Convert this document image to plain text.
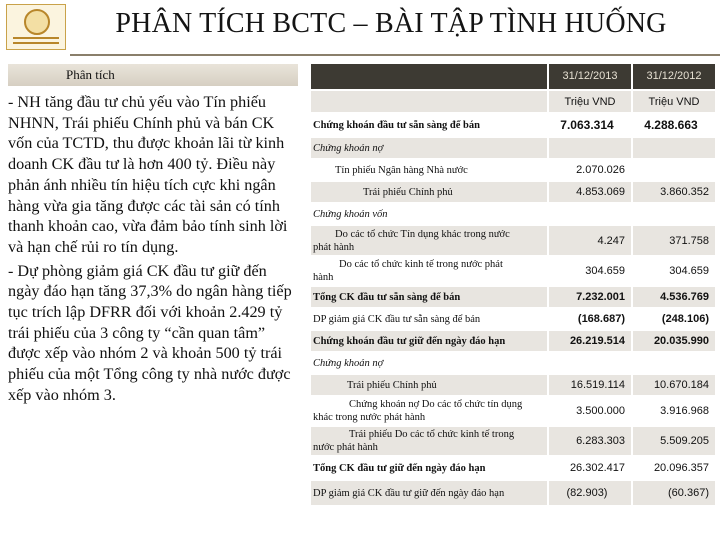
PHÂN TÍCH BCTC – BÀI TẬP TÌNH HUỐNG
Phân tích

- NH tăng đầu tư chủ yếu vào Tín phiếu NHNN, Trái phiếu Chính phủ và bán CK vốn của TCTD, thu được khoản lãi từ kinh doanh CK đầu tư là hơn 400 tỷ. Điều này phản ánh nhiều tín hiệu tích cực khi ngân hàng vừa gia tăng được các tài sản có tính thanh khoản cao, vừa đảm bảo tính sinh lời và hạn chế rủi ro tín dụng.

- Dự phòng giảm giá CK đầu tư giữ đến ngày đáo hạn tăng 37,3% do ngân hàng tiếp tục trích lập DFRR đối với khoản 2.429 tỷ trái phiếu của 3 công ty “cần quan tâm” được xếp vào nhóm 2 và khoản 500 tỷ trái phiếu của một Tổng công ty nhà nước được xếp vào nhóm 3.

31/12/2013	31/12/2012
Triệu VND	Triệu VND
Chứng khoán đầu tư sẵn sàng để bán	7.063.314	4.288.663
Chứng khoán nợ
Tín phiếu Ngân hàng Nhà nước	2.070.026
Trái phiếu Chính phủ	4.853.069	3.860.352
Chứng khoán vốn
Do các tổ chức Tín dụng khác trong nước
phát hành
4.247	371.758
Do các tổ chức kinh tế trong nước phát
hành
304.659	304.659
Tổng CK đầu tư sẵn sàng để bán	7.232.001	4.536.769
DP giảm giá CK đầu tư sẵn sàng để bán	(168.687)	(248.106)
Chứng khoán đầu tư giữ đến ngày đáo hạn	26.219.514	20.035.990
Chứng khoán nợ
Trái phiếu Chính phủ	16.519.114	10.670.184
Chứng khoán nợ Do các tổ chức tín dụng
khác trong nước phát hành
3.500.000	3.916.968
Trái phiếu Do các tổ chức kinh tế trong
nước phát hành
6.283.303	5.509.205
Tổng CK đầu tư giữ đến ngày đáo hạn	26.302.417	20.096.357
DP giảm giá CK đầu tư giữ đến ngày đáo hạn	(82.903)	(60.367)
